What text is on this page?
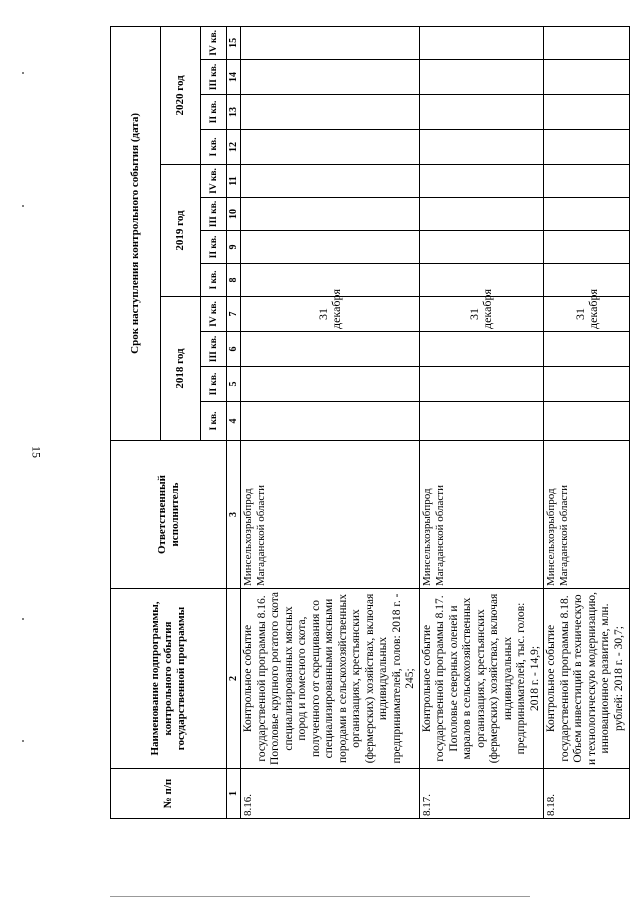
15
№ п/п	Наименование подпрограммы, контрольного события государственной программы	Ответственный исполнитель	Срок наступления контрольного события (дата)											
			2018 год				2019 год				2020 год			
			I кв.	II кв.	III кв.	IV кв.	I кв.	II кв.	III кв.	IV кв.	I кв.	II кв.	III кв.	IV кв.
1	2	3	4	5	6	7	8	9	10	11	12	13	14	15
8.16.	Контрольное событие государственной программы 8.16. Поголовье крупного рогатого скота специализированных мясных пород и помесного скота, полученного от скрещивания со специализированными мясными породами в сельскохозяйственных организациях, крестьянских (фермерских) хозяйствах, включая индивидуальных предпринимателей, голов: 2018 г. - 245;	Минсельхозрыбпрод Магаданской области				31 декабря								
8.17.	Контрольное событие государственной программы 8.17. Поголовье северных оленей и маралов в сельскохозяйственных организациях, крестьянских (фермерских) хозяйствах, включая индивидуальных предпринимателей, тыс. голов: 2018 г. - 14,9;	Минсельхозрыбпрод Магаданской области				31 декабря								
8.18.	Контрольное событие государственной программы 8.18. Объем инвестиций в техническую и технологическую модернизацию, инновационное развитие, млн. рублей: 2018 г. - 30,7;	Минсельхозрыбпрод Магаданской области				31 декабря								
